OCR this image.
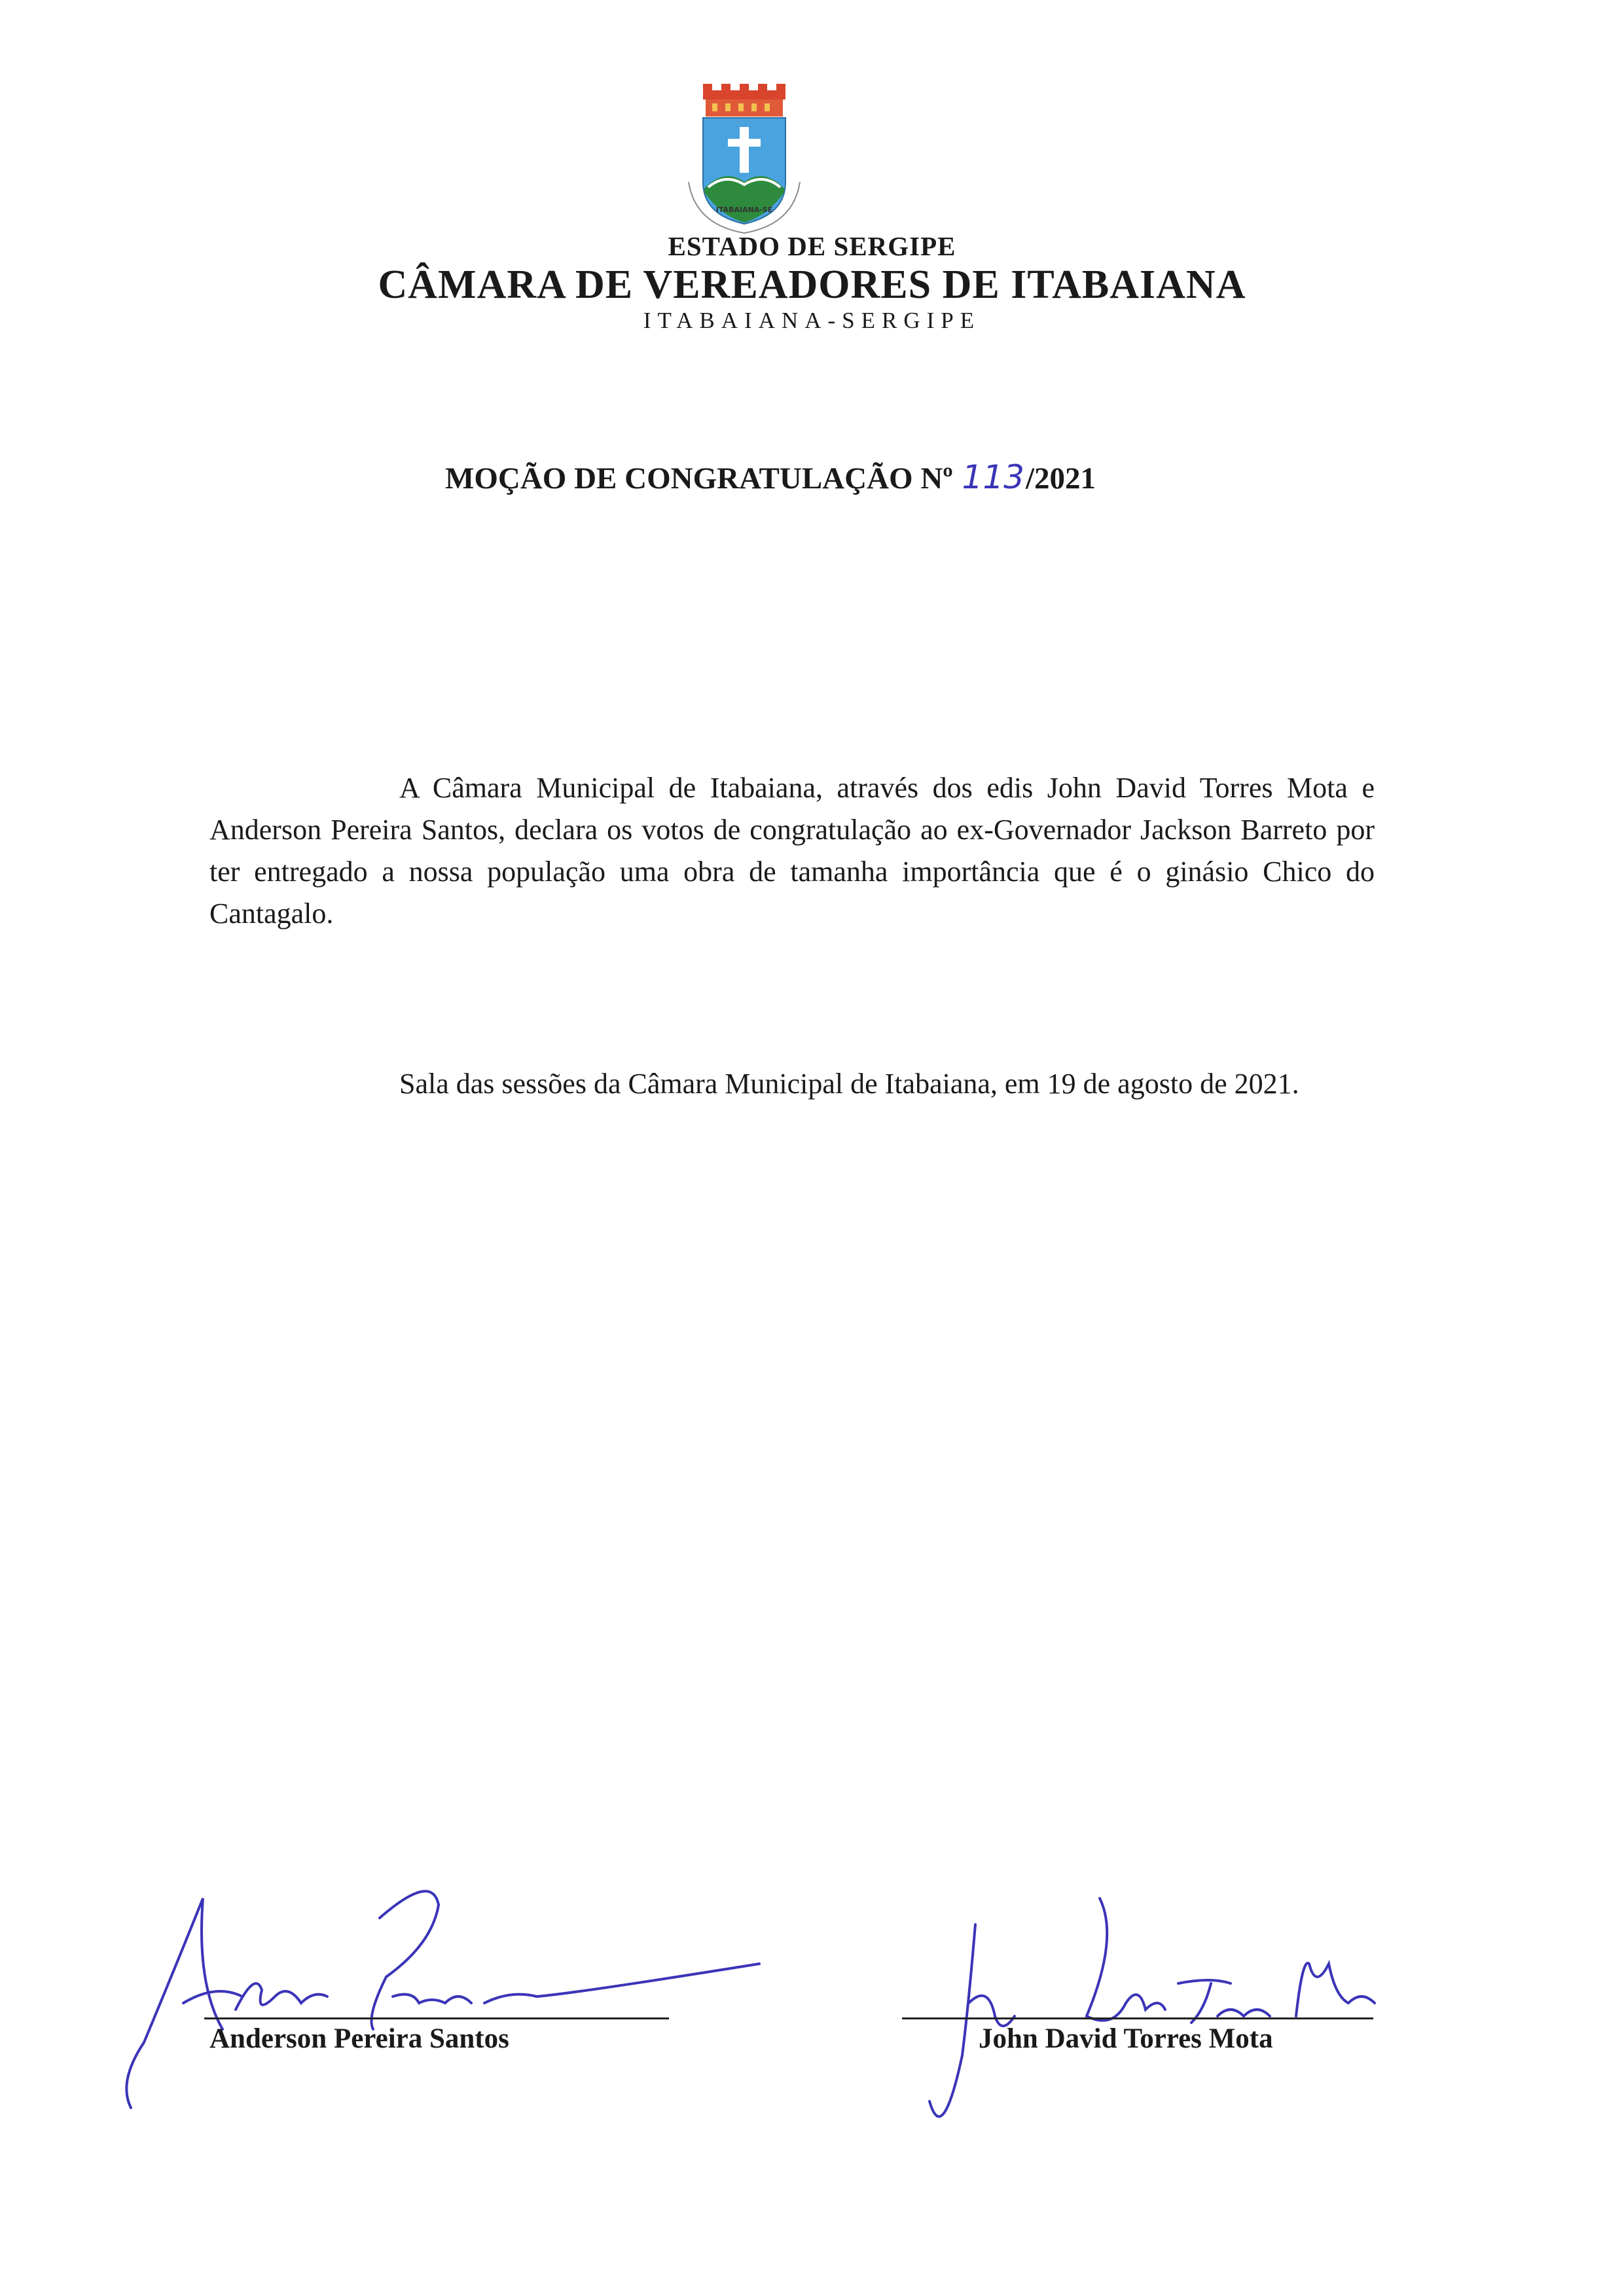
ITABAIANA-SE

ESTADO DE SERGIPE

CÂMARA DE VEREADORES DE ITABAIANA

ITABAIANA-SERGIPE

MOÇÃO DE CONGRATULAÇÃO Nº 113/2021

A Câmara Municipal de Itabaiana, através dos edis John David Torres Mota e Anderson Pereira Santos, declara os votos de congratulação ao ex-Governador Jackson Barreto por ter entregado a nossa população uma obra de tamanha importância que é o ginásio Chico do Cantagalo.

Sala das sessões da Câmara Municipal de Itabaiana, em 19 de agosto de 2021.

Anderson Pereira Santos	John David Torres Mota
